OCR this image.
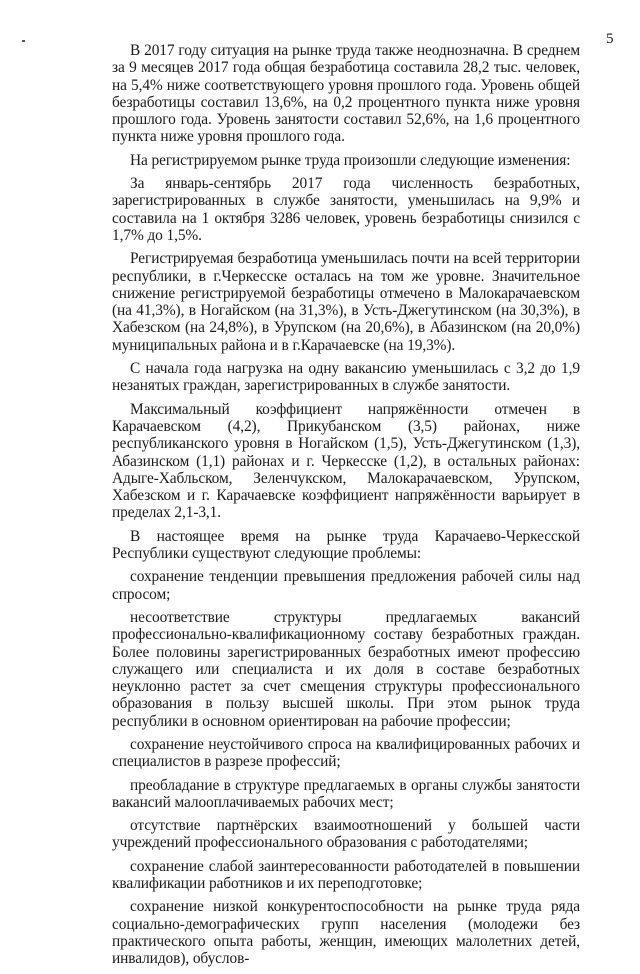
5

В 2017 году ситуация на рынке труда также неоднозначна. В среднем за 9 месяцев 2017 года общая безработица составила 28,2 тыс. человек, на 5,4% ниже соответствующего уровня прошлого года. Уровень общей безработицы составил 13,6%, на 0,2 процентного пункта ниже уровня прошлого года. Уровень занятости составил 52,6%, на 1,6 процентного пункта ниже уровня прошлого года.

На регистрируемом рынке труда произошли следующие изменения:

За январь-сентябрь 2017 года численность безработных, зарегистрированных в службе занятости, уменьшилась на 9,9% и составила на 1 октября 3286 человек, уровень безработицы снизился с 1,7% до 1,5%.

Регистрируемая безработица уменьшилась почти на всей территории республики, в г.Черкесске осталась на том же уровне. Значительное снижение регистрируемой безработицы отмечено в Малокарачаевском (на 41,3%), в Ногайском (на 31,3%), в Усть-Джегутинском (на 30,3%), в Хабезском (на 24,8%), в Урупском (на 20,6%), в Абазинском (на 20,0%) муниципальных района и в г.Карачаевске (на 19,3%).

С начала года нагрузка на одну вакансию уменьшилась с 3,2 до 1,9 незанятых граждан, зарегистрированных в службе занятости.

Максимальный коэффициент напряжённости отмечен в Карачаевском (4,2), Прикубанском (3,5) районах, ниже республиканского уровня в Ногайском (1,5), Усть-Джегутинском (1,3), Абазинском (1,1) районах и г. Черкесске (1,2), в остальных районах: Адыге-Хабльском, Зеленчукском, Малокарачаевском, Урупском, Хабезском и г. Карачаевске коэффициент напряжённости варьирует в пределах 2,1-3,1.

В настоящее время на рынке труда Карачаево-Черкесской Республики существуют следующие проблемы:

сохранение тенденции превышения предложения рабочей силы над спросом;

несоответствие структуры предлагаемых вакансий профессионально-квалификационному составу безработных граждан. Более половины зарегистрированных безработных имеют профессию служащего или специалиста и их доля в составе безработных неуклонно растет за счет смещения структуры профессионального образования в пользу высшей школы. При этом рынок труда республики в основном ориентирован на рабочие профессии;

сохранение неустойчивого спроса на квалифицированных рабочих и специалистов в разрезе профессий;

преобладание в структуре предлагаемых в органы службы занятости вакансий малооплачиваемых рабочих мест;

отсутствие партнёрских взаимоотношений у большей части учреждений профессионального образования с работодателями;

сохранение слабой заинтересованности работодателей в повышении квалификации работников и их переподготовке;

сохранение низкой конкурентоспособности на рынке труда ряда социально-демографических групп населения (молодежи без практического опыта работы, женщин, имеющих малолетних детей, инвалидов), обуслов-
